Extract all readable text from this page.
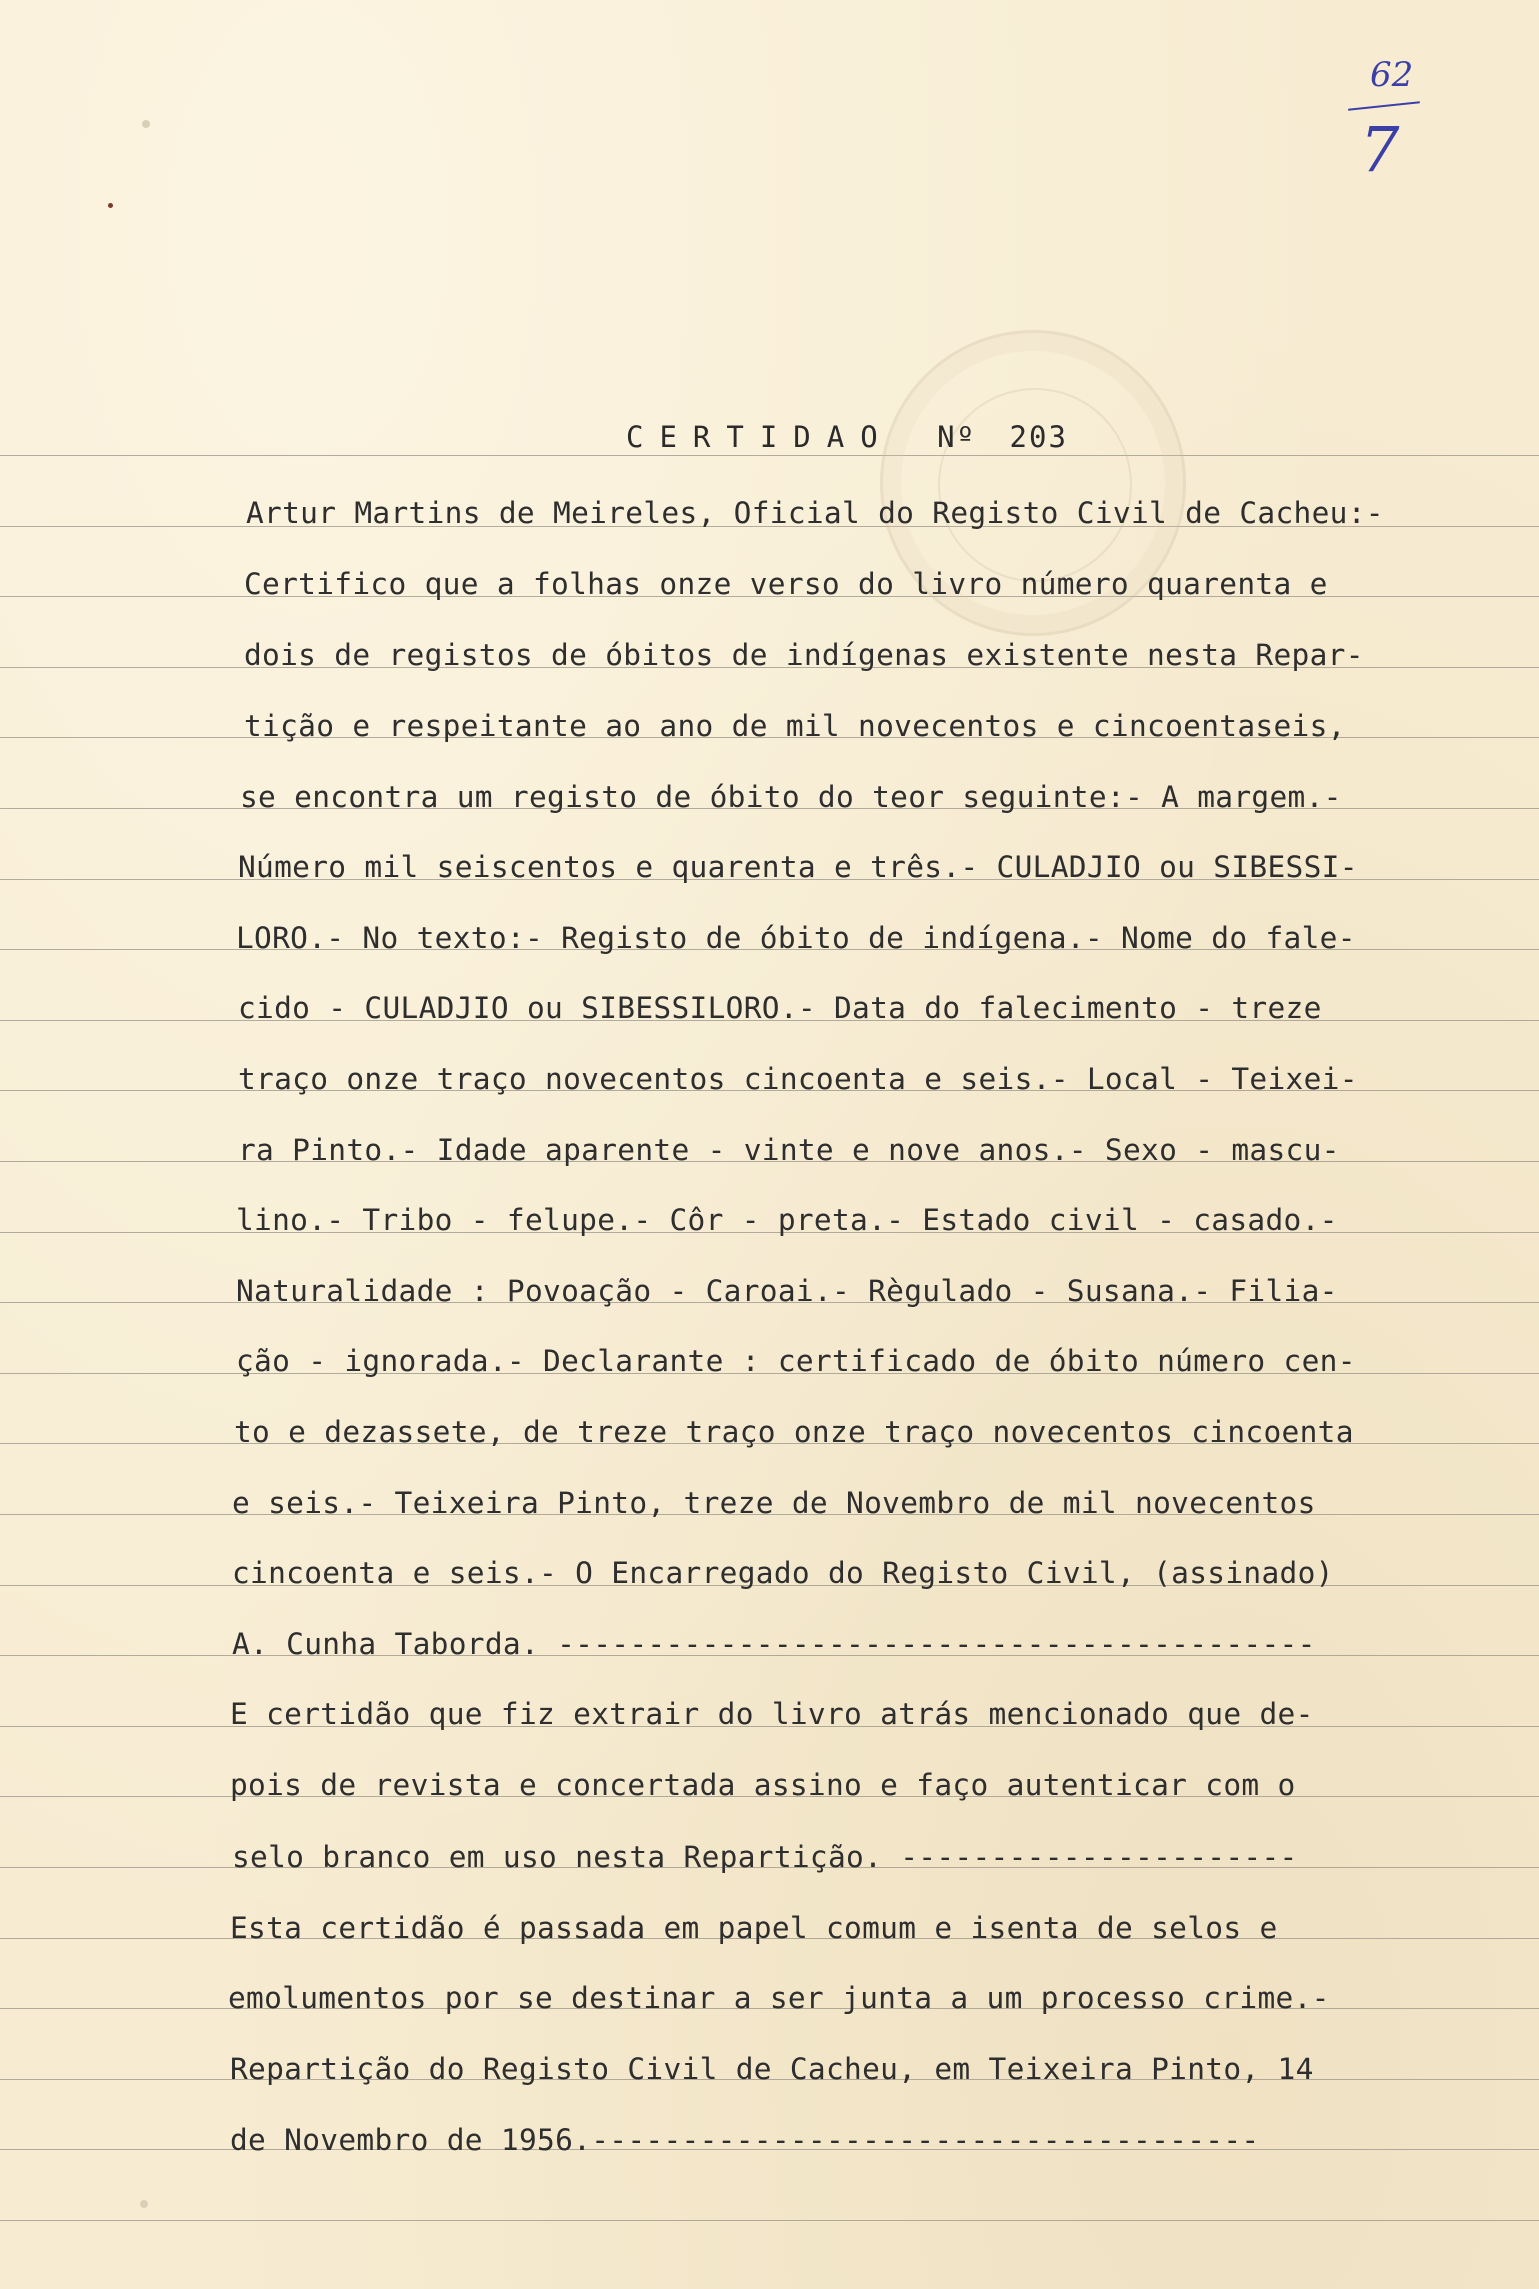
62
7
CERTIDAO Nº 203
Artur Martins de Meireles, Oficial do Registo Civil de Cacheu:-
Certifico que a folhas onze verso do livro número quarenta e
dois de registos de óbitos de indígenas existente nesta Repar-
tição e respeitante ao ano de mil novecentos e cincoentaseis,
se encontra um registo de óbito do teor seguinte:- A margem.-
Número mil seiscentos e quarenta e três.- CULADJIO ou SIBESSI-
LORO.- No texto:- Registo de óbito de indígena.- Nome do fale-
cido - CULADJIO ou SIBESSILORO.- Data do falecimento - treze
traço onze traço novecentos cincoenta e seis.- Local - Teixei-
ra Pinto.- Idade aparente - vinte e nove anos.- Sexo - mascu-
lino.- Tribo - felupe.- Côr - preta.- Estado civil - casado.-
Naturalidade : Povoação - Caroai.- Règulado - Susana.- Filia-
ção - ignorada.- Declarante : certificado de óbito número cen-
to e dezassete, de treze traço onze traço novecentos cincoenta
e seis.- Teixeira Pinto, treze de Novembro de mil novecentos
cincoenta e seis.- O Encarregado do Registo Civil, (assinado)
A. Cunha Taborda. ------------------------------------------
E certidão que fiz extrair do livro atrás mencionado que de-
pois de revista e concertada assino e faço autenticar com o
selo branco em uso nesta Repartição. ----------------------
Esta certidão é passada em papel comum e isenta de selos e
emolumentos por se destinar a ser junta a um processo crime.-
Repartição do Registo Civil de Cacheu, em Teixeira Pinto, 14
de Novembro de 1956.-------------------------------------
